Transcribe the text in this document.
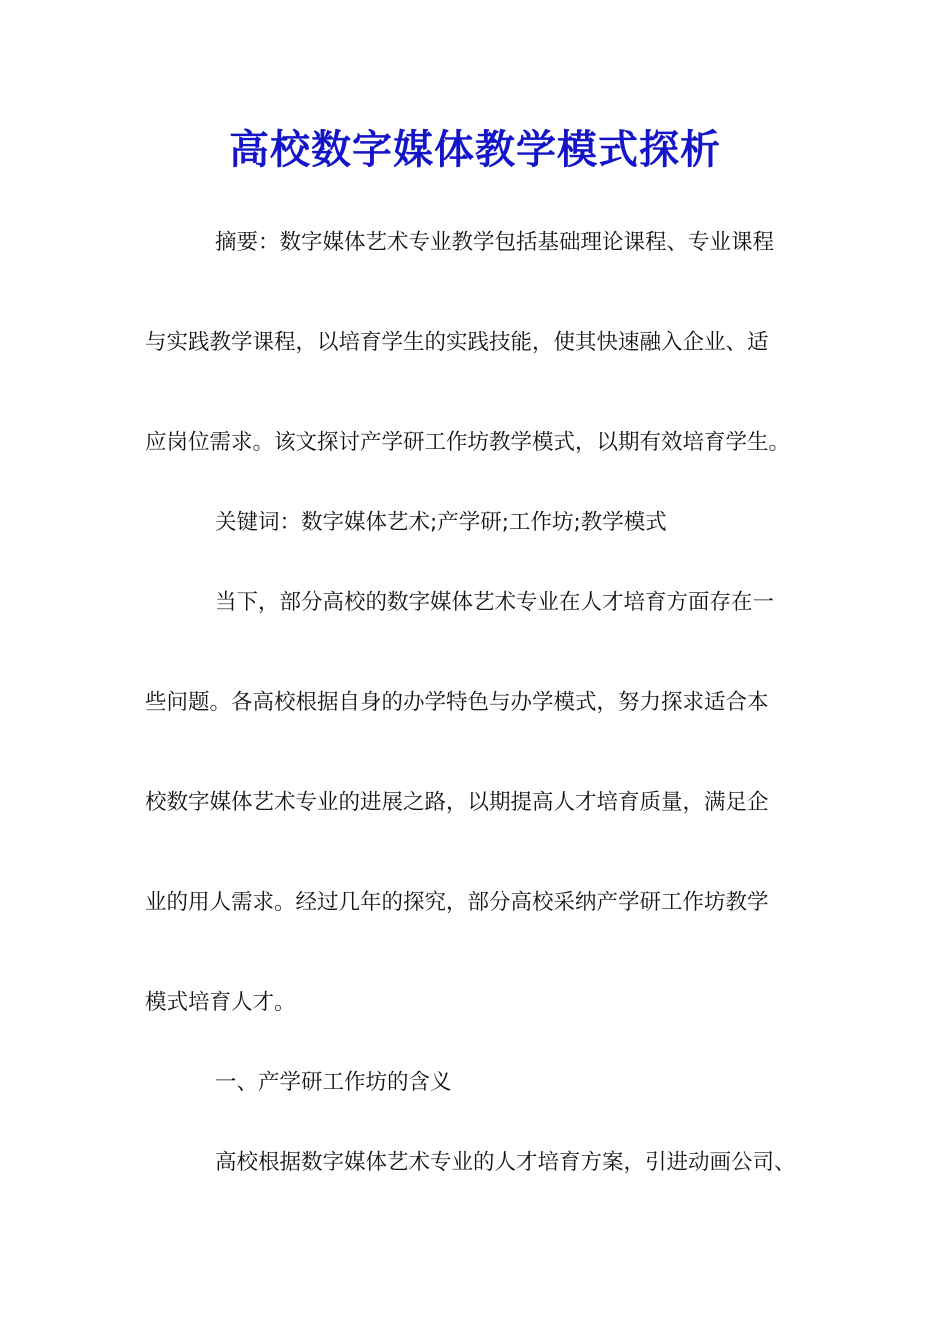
高校数字媒体教学模式探析

摘要：数字媒体艺术专业教学包括基础理论课程、专业课程

与实践教学课程，以培育学生的实践技能，使其快速融入企业、适

应岗位需求。该文探讨产学研工作坊教学模式，以期有效培育学生。

关键词：数字媒体艺术;产学研;工作坊;教学模式

当下，部分高校的数字媒体艺术专业在人才培育方面存在一

些问题。各高校根据自身的办学特色与办学模式，努力探求适合本

校数字媒体艺术专业的进展之路，以期提高人才培育质量，满足企

业的用人需求。经过几年的探究，部分高校采纳产学研工作坊教学

模式培育人才。

一、产学研工作坊的含义

高校根据数字媒体艺术专业的人才培育方案，引进动画公司、
